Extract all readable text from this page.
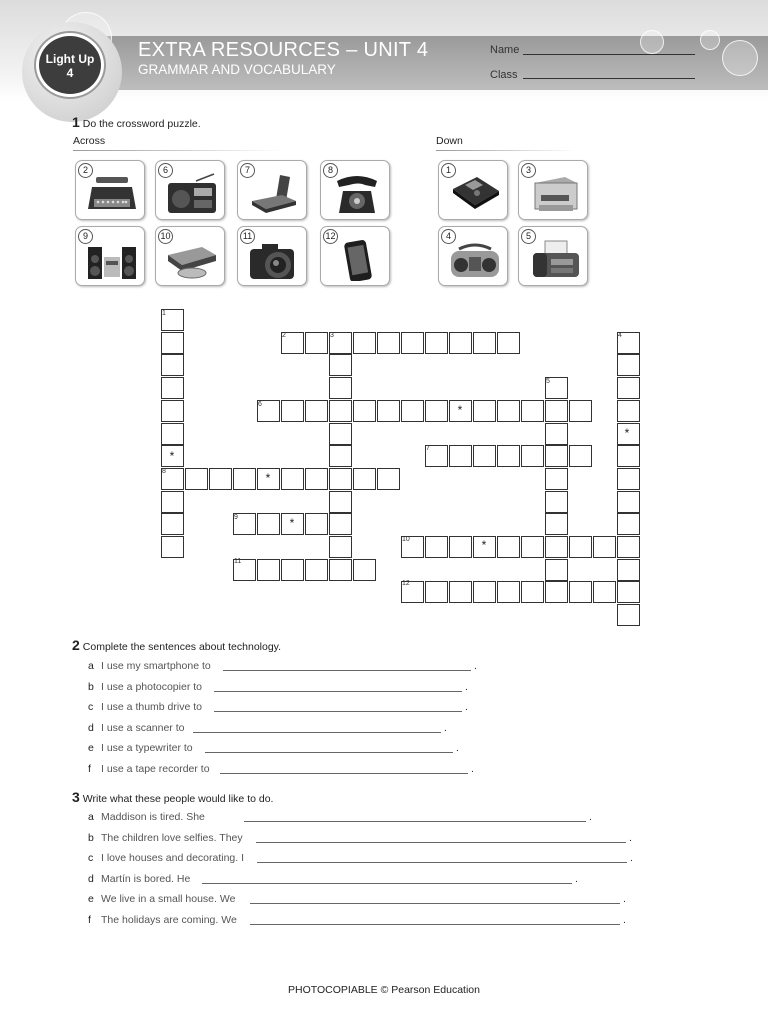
Light Up
4
EXTRA RESOURCES – UNIT 4
GRAMMAR AND VOCABULARY
Name
Class
1 Do the crossword puzzle.
Across	Down
2	6	7	8
9	10	11	12
1	3
4	5
1
2	3	4
5
6
7
8
9
10
11
12
*
*
*
*
*
*
2 Complete the sentences about technology.
a I use my smartphone to	.
b I use a photocopier to	.
c I use a thumb drive to	.
d I use a scanner to	.
e I use a typewriter to	.
f I use a tape recorder to	.
3 Write what these people would like to do.
a Maddison is tired. She	.
b The children love selfies. They	.
c I love houses and decorating. I	.
d Martín is bored. He	.
e We live in a small house. We	.
f The holidays are coming. We	.
PHOTOCOPIABLE © Pearson Education
